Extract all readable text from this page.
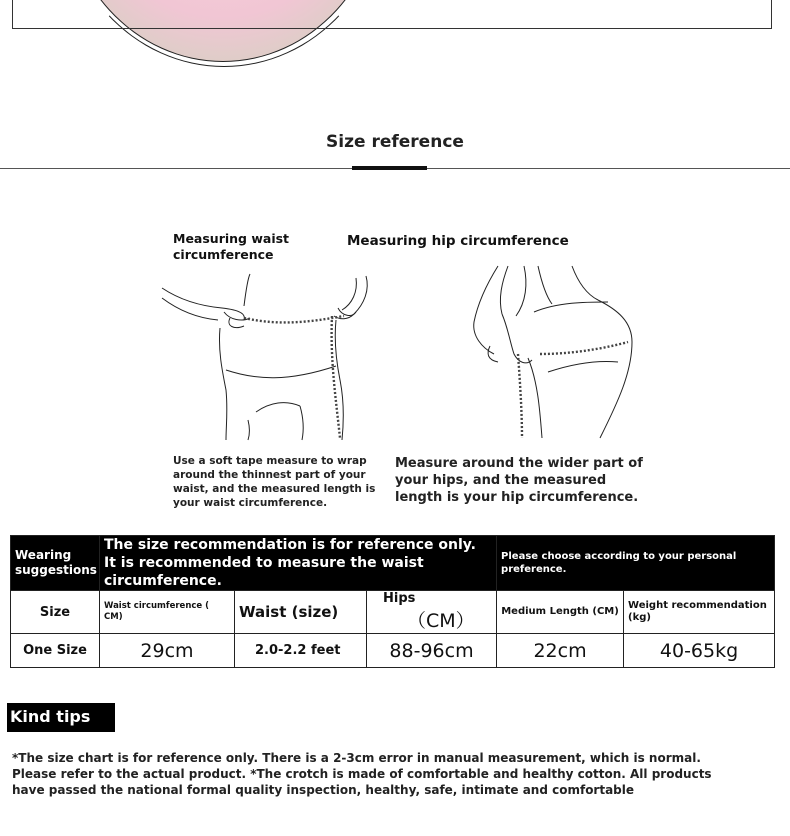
Size reference
Measuring waist circumference
Measuring hip circumference
Use a soft tape measure to wrap around the thinnest part of your waist, and the measured length is your waist circumference.
Measure around the wider part of your hips, and the measured length is your hip circumference.
Wearing suggestions	The size recommendation is for reference only. It is recommended to measure the waist circumference.			Please choose according to your personal preference.	
Size	Waist circumference ( CM)	Waist (size)	Hips （CM）	Medium Length (CM)	Weight recommendation (kg)
One Size	29cm	2.0-2.2 feet	88-96cm	22cm	40-65kg
Kind tips
*The size chart is for reference only. There is a 2-3cm error in manual measurement, which is normal. Please refer to the actual product. *The crotch is made of comfortable and healthy cotton. All products have passed the national formal quality inspection, healthy, safe, intimate and comfortable
